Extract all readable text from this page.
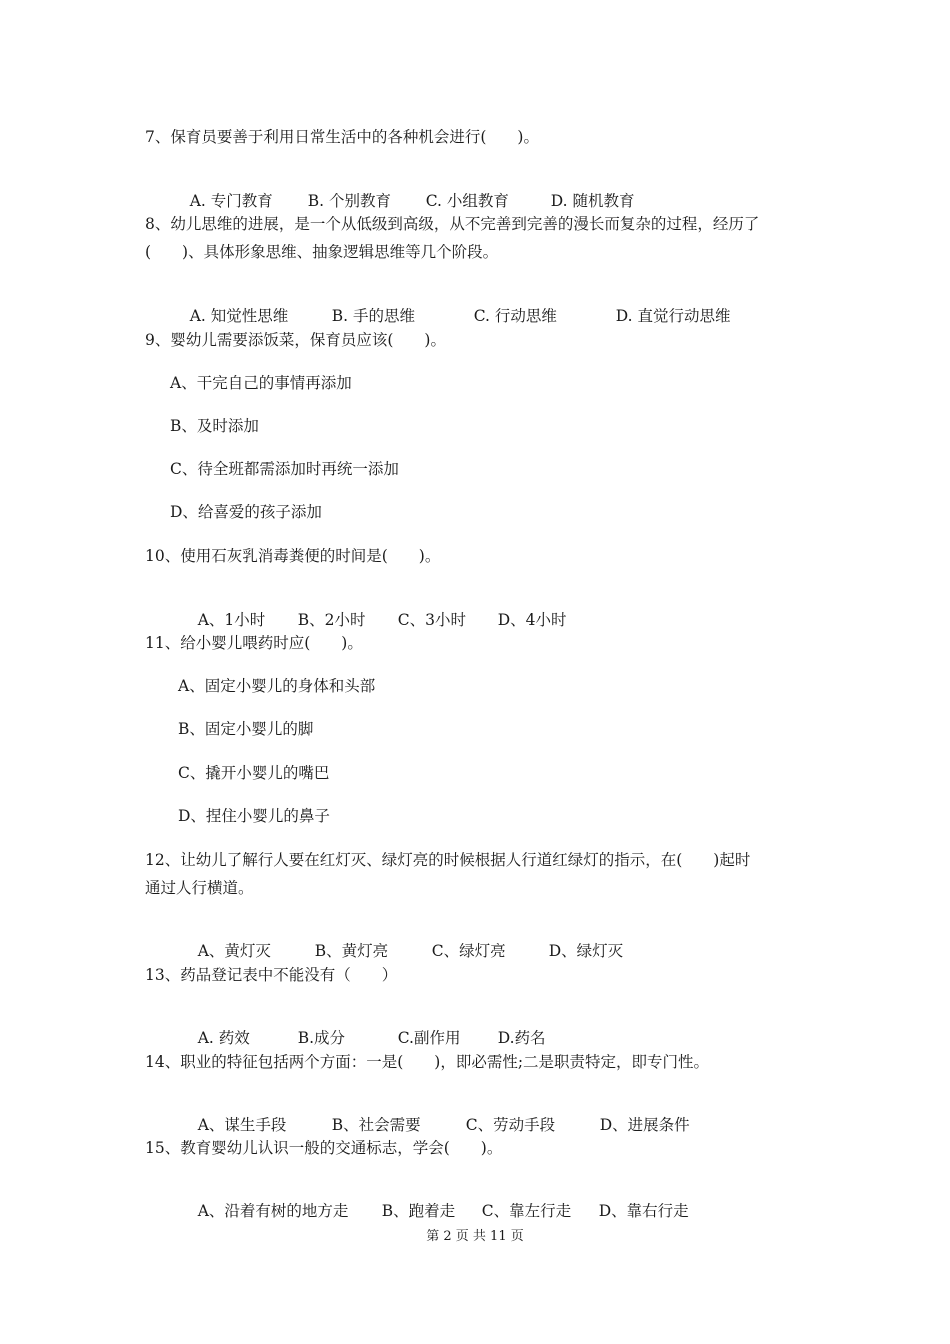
7、保育员要善于利用日常生活中的各种机会进行(　　)。

A. 专门教育 B. 个别教育 C. 小组教育	D. 随机教育

8、幼儿思维的进展，是一个从低级到高级，从不完善到完善的漫长而复杂的过程，经历了
(　　)、具体形象思维、抽象逻辑思维等几个阶段。

A. 知觉性思维	B. 手的思维	C. 行动思维	D. 直觉行动思维

9、婴幼儿需要添饭菜，保育员应该(　　)。
A、干完自己的事情再添加
B、及时添加
C、待全班都需添加时再统一添加
D、给喜爱的孩子添加
10、使用石灰乳消毒粪便的时间是(　　)。

A、1小时 B、2小时 C、3小时 D、4小时

11、给小婴儿喂药时应(　　)。
A、固定小婴儿的身体和头部
B、固定小婴儿的脚
C、撬开小婴儿的嘴巴
D、捏住小婴儿的鼻子
12、让幼儿了解行人要在红灯灭、绿灯亮的时候根据人行道红绿灯的指示，在(　　)起时
通过人行横道。

A、黄灯灭	B、黄灯亮	C、绿灯亮	D、绿灯灭

13、药品登记表中不能没有（　　）

A. 药效	B.成分	C.副作用 D.药名

14、职业的特征包括两个方面：一是(　　)，即必需性;二是职责特定，即专门性。

A、谋生手段	B、社会需要	C、劳动手段	D、进展条件

15、教育婴幼儿认识一般的交通标志，学会(　　)。

A、沿着有树的地方走 B、跑着走 C、靠左行走 D、靠右行走

第 2 页 共 11 页
